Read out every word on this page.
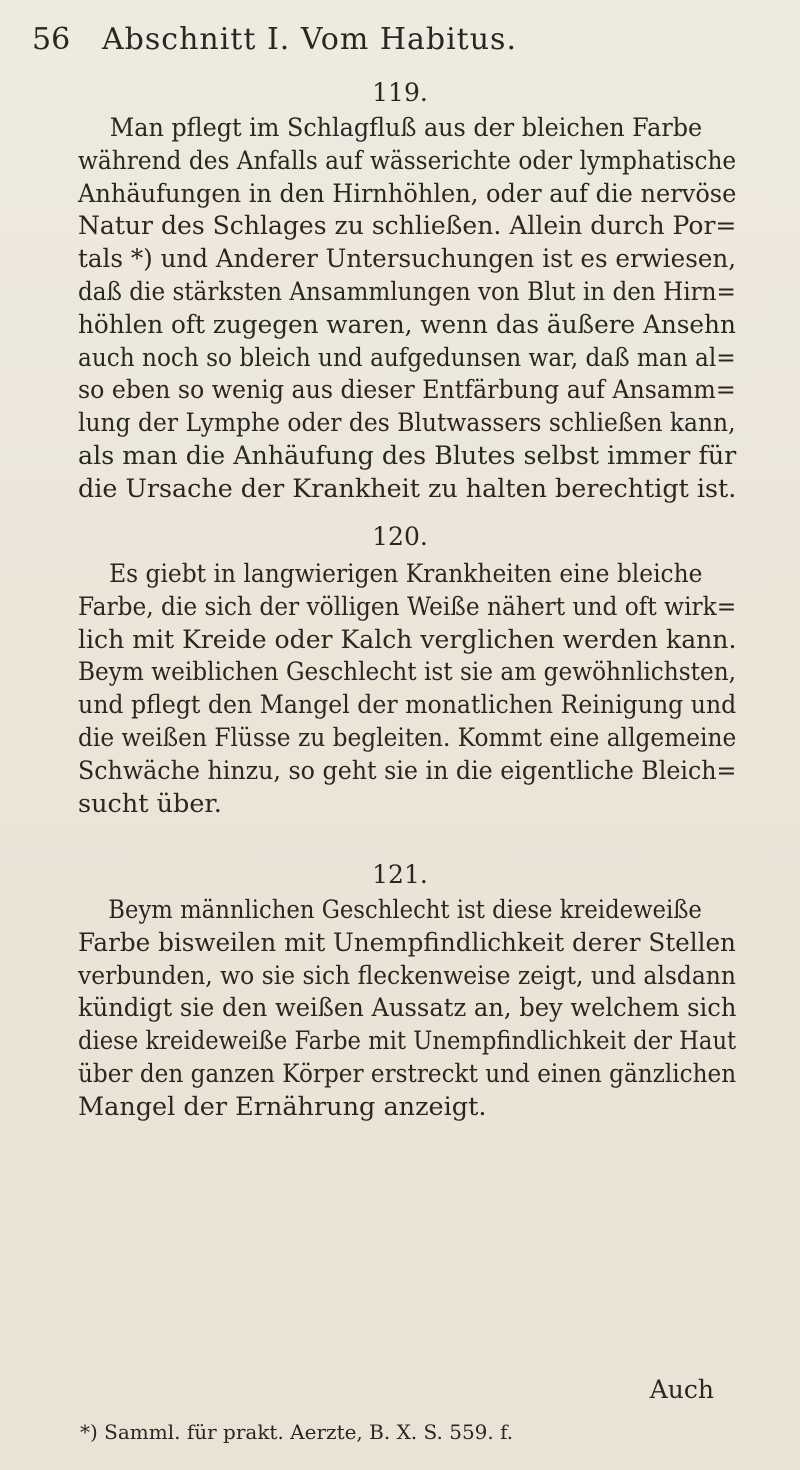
56 Abschnitt I. Vom Habitus.
119.
Man pflegt im Schlagfluß aus der bleichen Farbe
während des Anfalls auf wässerichte oder lymphatische
Anhäufungen in den Hirnhöhlen, oder auf die nervöse
Natur des Schlages zu schließen. Allein durch Por=
tals *) und Anderer Untersuchungen ist es erwiesen,
daß die stärksten Ansammlungen von Blut in den Hirn=
höhlen oft zugegen waren, wenn das äußere Ansehn
auch noch so bleich und aufgedunsen war, daß man al=
so eben so wenig aus dieser Entfärbung auf Ansamm=
lung der Lymphe oder des Blutwassers schließen kann,
als man die Anhäufung des Blutes selbst immer für
die Ursache der Krankheit zu halten berechtigt ist.
120.
Es giebt in langwierigen Krankheiten eine bleiche
Farbe, die sich der völligen Weiße nähert und oft wirk=
lich mit Kreide oder Kalch verglichen werden kann.
Beym weiblichen Geschlecht ist sie am gewöhnlichsten,
und pflegt den Mangel der monatlichen Reinigung und
die weißen Flüsse zu begleiten. Kommt eine allgemeine
Schwäche hinzu, so geht sie in die eigentliche Bleich=
sucht über.
121.
Beym männlichen Geschlecht ist diese kreideweiße
Farbe bisweilen mit Unempfindlichkeit derer Stellen
verbunden, wo sie sich fleckenweise zeigt, und alsdann
kündigt sie den weißen Aussatz an, bey welchem sich
diese kreideweiße Farbe mit Unempfindlichkeit der Haut
über den ganzen Körper erstreckt und einen gänzlichen
Mangel der Ernährung anzeigt.
Auch
*) Samml. für prakt. Aerzte, B. X. S. 559. f.
